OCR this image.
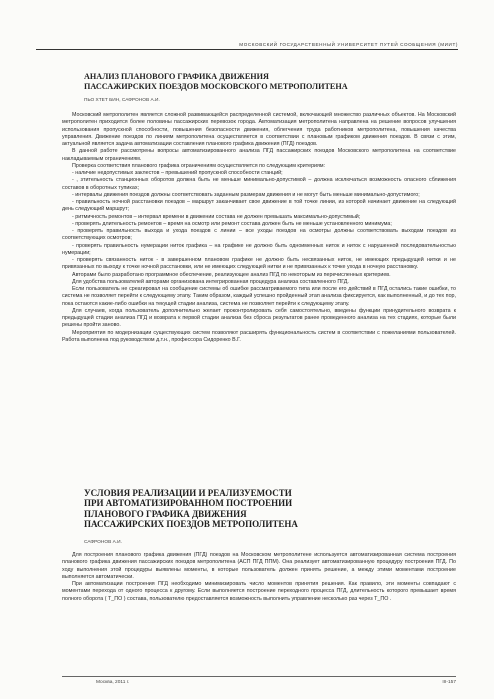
МОСКОВСКИЙ ГОСУДАРСТВЕННЫЙ УНИВЕРСИТЕТ ПУТЕЙ СООБЩЕНИЯ (МИИТ)
АНАЛИЗ ПЛАНОВОГО ГРАФИКА ДВИЖЕНИЯ
ПАССАЖИРСКИХ ПОЕЗДОВ МОСКОВСКОГО МЕТРОПОЛИТЕНА
ПЬО ХТЕТ БИН, САФРОНОВ А.И.

Московский метрополитен является сложной развивающейся распределенной системой, включающей множество различных объектов. На Московский метрополитен приходится более половины пассажирских перевозок города. Автоматизация метрополитена направлена на решение вопросов улучшения использования пропускной способности, повышения безопасности движения, облегчения труда работников метрополитена, повышения качества управления. Движение поездов по линиям метрополитена осуществляется в соответствии с плановым графиком движения поездов. В связи с этим, актуальной является задача автоматизации составления планового графика движения (ПГД) поездов.

В данной работе рассмотрены вопросы автоматизированного анализа ПГД пассажирских поездов Московского метрополитена на соответствие накладываемым ограничениям.

Проверка соответствия планового графика ограничениям осуществляется по следующим критериям:

- наличие недопустимых заклестов – превышений пропускной способности станций;

- , зтительность станционных оборотов должна быть не меньше минимально-допустимой – должна исключаться возможность опасного сближения составов в оборотных тупиках;

- интервалы движения поездов должны соответствовать заданным размерам движения и не могут быть меньше минимально-допустимого;

- правильность ночной расстановки поездов – маршрут заканчивает свое движение в той точке линии, из которой начинает движение на следующий день следующий маршрут;

- ритмичность ремонтов – интервал времени в движении состава не должен превышать максимально-допустимый;

- проверять длительность ремонтов – время на осмотр или ремонт состава должен быть не меньше установленного минимума;

- проверять правильность выхода и ухода поездов с линии – все уходы поездов на осмотры должны соответствовать выходам поездов из соответствующих осмотров;

- проверять правильность нумерации ниток графика – на графике не должно быть одноименных ниток и ниток с нарушенной последовательностью нумерации;

- проверять связанность ниток - в завершенном плановом графике не должно быть несвязанных ниток, не имеющих предыдущей нитки и не привязанных по выходу к точке ночной расстановки, или не имеющих следующей нитки и не привязанных к точке ухода в ночную расстановку.

Авторами было разработано программное обеспечение, реализующее анализ ПГД по некоторым из перечисленных критериев.

Для удобства пользователей авторами организована интегрированная процедура анализа составленного ПГД.

Если пользователь не среагировал на сообщение системы об ошибке рассматриваемого типа или после его действий в ПГД остались такие ошибки, то система не позволяет перейти к следующему этапу. Таким образом, каждый успешно пройденный этап анализа фиксируется, как выполненный, и до тех пор, пока остаются какие-либо ошибки на текущей стадии анализа, система не позволяет перейти к следующему этапу.

Для случаев, когда пользователь дополнительно желает проконтролировать себя самостоятельно, введены функции принудительного возврата к предыдущей стадии анализа ПГД и возврата к первой стадии анализа без сброса результатов ранее проведенного анализа на тех стадиях, которые были решены пройти заново.

Мероприятия по модернизации существующих систем позволяют расширять функциональность систем в соответствии с пожеланиями пользователей. Работа выполнена под руководством д.т.н., профессора Сидоренко В.Г.

УСЛОВИЯ РЕАЛИЗАЦИИ И РЕАЛИЗУЕМОСТИ
ПРИ АВТОМАТИЗИРОВАННОМ ПОСТРОЕНИИ
ПЛАНОВОГО ГРАФИКА ДВИЖЕНИЯ
ПАССАЖИРСКИХ ПОЕЗДОВ МЕТРОПОЛИТЕНА
САФРОНОВ А.И.

Для построения планового графика движения (ПГД) поездов на Московском метрополитене используется автоматизированная система построения планового графика движения пассажирских поездов метрополитена (АСП ПГД ППМ). Она реализует автоматизированную процедуру построения ПГД. По ходу выполнения этой процедуры выявлены моменты, в которые пользователь должен принять решение, а между этими моментами построение выполняется автоматически.

При автоматизации построения ПГД необходимо минимизировать число моментов принятия решения. Как правило, эти моменты совпадают с моментами перехода от одного процесса к другому. Если выполняется построение переходного процесса ПГД, длительность которого превышает время полного оборота ( T_ПО ) состава, пользователю предоставляется возможность выполнить управление несколько раз через T_ПО .

Москва, 2011 г.	III-157
